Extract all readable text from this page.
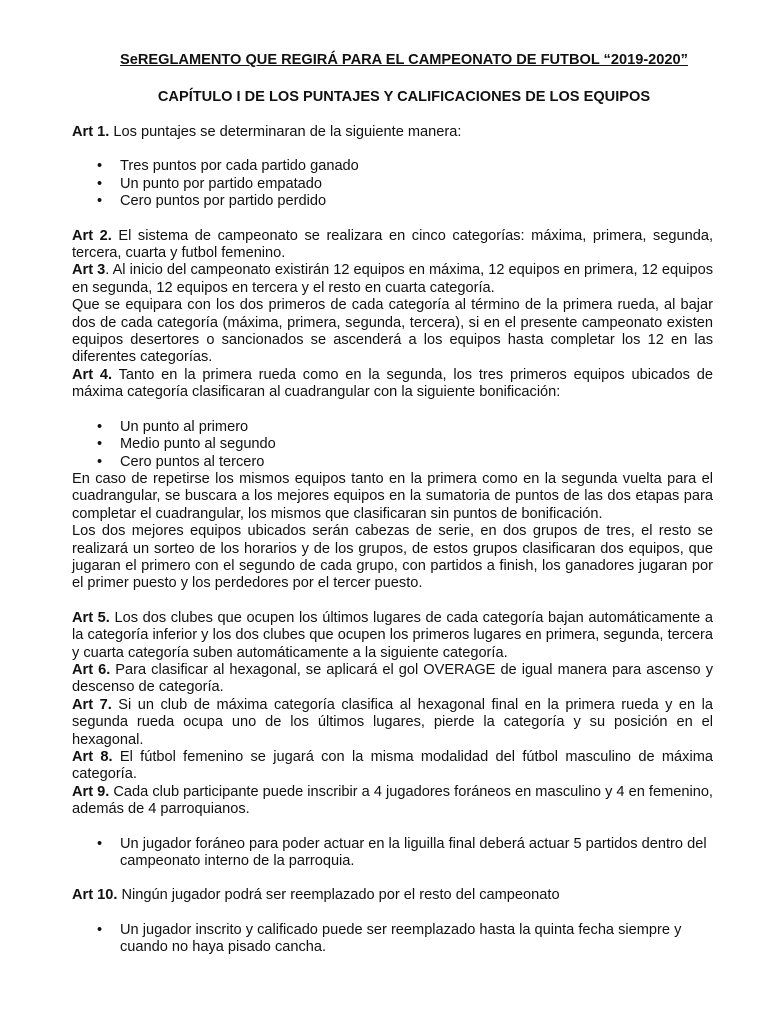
SeREGLAMENTO QUE REGIRÁ PARA EL CAMPEONATO DE FUTBOL “2019-2020”
CAPÍTULO I DE LOS PUNTAJES Y CALIFICACIONES DE LOS EQUIPOS

Art 1. Los puntajes se determinaran de la siguiente manera:

• Tres puntos por cada partido ganado
• Un punto por partido empatado
• Cero puntos por partido perdido

Art 2. El sistema de campeonato se realizara en cinco categorías: máxima, primera, segunda, tercera, cuarta y futbol femenino.

Art 3. Al inicio del campeonato existirán 12 equipos en máxima, 12 equipos en primera, 12 equipos en segunda, 12 equipos en tercera y el resto en cuarta categoría.

Que se equipara con los dos primeros de cada categoría al término de la primera rueda, al bajar dos de cada categoría (máxima, primera, segunda, tercera), si en el presente campeonato existen equipos desertores o sancionados se ascenderá a los equipos hasta completar los 12 en las diferentes categorías.

Art 4. Tanto en la primera rueda como en la segunda, los tres primeros equipos ubicados de máxima categoría clasificaran al cuadrangular con la siguiente bonificación:

• Un punto al primero
• Medio punto al segundo
• Cero puntos al tercero

En caso de repetirse los mismos equipos tanto en la primera como en la segunda vuelta para el cuadrangular, se buscara a los mejores equipos en la sumatoria de puntos de las dos etapas para completar el cuadrangular, los mismos que clasificaran sin puntos de bonificación.

Los dos mejores equipos ubicados serán cabezas de serie, en dos grupos de tres, el resto se realizará un sorteo de los horarios y de los grupos, de estos grupos clasificaran dos equipos, que jugaran el primero con el segundo de cada grupo, con partidos a finish, los ganadores jugaran por el primer puesto y los perdedores por el tercer puesto.

Art 5. Los dos clubes que ocupen los últimos lugares de cada categoría bajan automáticamente a la categoría inferior y los dos clubes que ocupen los primeros lugares en primera, segunda, tercera y cuarta categoría suben automáticamente a la siguiente categoría.

Art 6. Para clasificar al hexagonal, se aplicará el gol OVERAGE de igual manera para ascenso y descenso de categoría.

Art 7. Si un club de máxima categoría clasifica al hexagonal final en la primera rueda y en la segunda rueda ocupa uno de los últimos lugares, pierde la categoría y su posición en el hexagonal.

Art 8. El fútbol femenino se jugará con la misma modalidad del fútbol masculino de máxima categoría.

Art 9. Cada club participante puede inscribir a 4 jugadores foráneos en masculino y 4 en femenino, además de 4 parroquianos.

• Un jugador foráneo para poder actuar en la liguilla final deberá actuar 5 partidos dentro del campeonato interno de la parroquia.

Art 10. Ningún jugador podrá ser reemplazado por el resto del campeonato

• Un jugador inscrito y calificado puede ser reemplazado hasta la quinta fecha siempre y cuando no haya pisado cancha.
